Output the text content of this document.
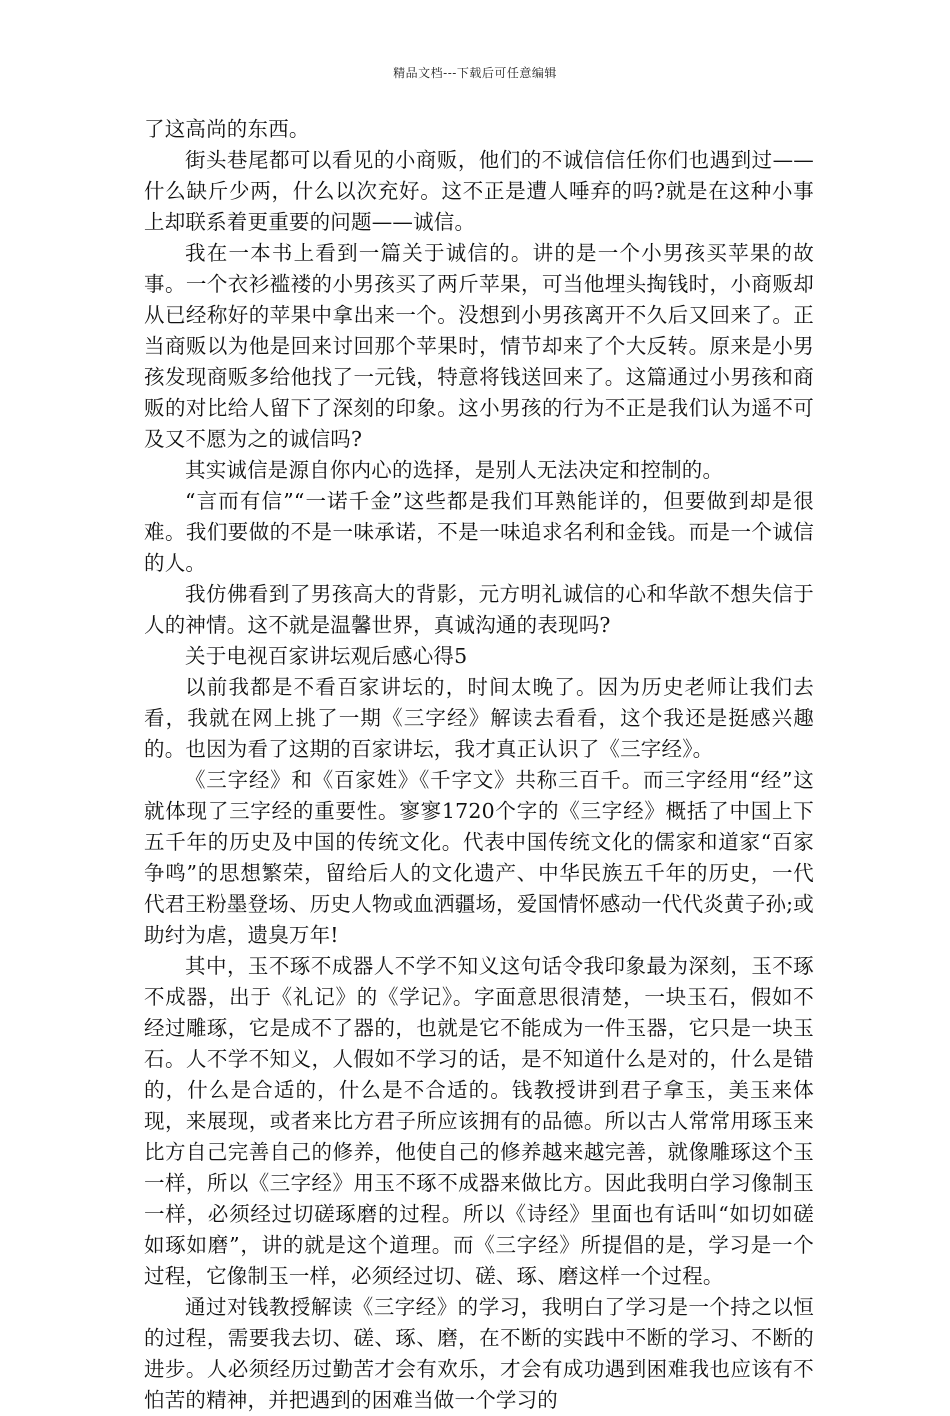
精品文档---下载后可任意编辑

了这高尚的东西。

街头巷尾都可以看见的小商贩，他们的不诚信信任你们也遇到过——什么缺斤少两，什么以次充好。这不正是遭人唾弃的吗?就是在这种小事上却联系着更重要的问题——诚信。

我在一本书上看到一篇关于诚信的。讲的是一个小男孩买苹果的故事。一个衣衫褴褛的小男孩买了两斤苹果，可当他埋头掏钱时，小商贩却从已经称好的苹果中拿出来一个。没想到小男孩离开不久后又回来了。正当商贩以为他是回来讨回那个苹果时，情节却来了个大反转。原来是小男孩发现商贩多给他找了一元钱，特意将钱送回来了。这篇通过小男孩和商贩的对比给人留下了深刻的印象。这小男孩的行为不正是我们认为遥不可及又不愿为之的诚信吗?

其实诚信是源自你内心的选择，是别人无法决定和控制的。

“言而有信”“一诺千金”这些都是我们耳熟能详的，但要做到却是很难。我们要做的不是一味承诺，不是一味追求名利和金钱。而是一个诚信的人。

我仿佛看到了男孩高大的背影，元方明礼诚信的心和华歆不想失信于人的神情。这不就是温馨世界，真诚沟通的表现吗?

关于电视百家讲坛观后感心得5

以前我都是不看百家讲坛的，时间太晚了。因为历史老师让我们去看，我就在网上挑了一期《三字经》解读去看看，这个我还是挺感兴趣的。也因为看了这期的百家讲坛，我才真正认识了《三字经》。

《三字经》和《百家姓》《千字文》共称三百千。而三字经用“经”这就体现了三字经的重要性。寥寥1720个字的《三字经》概括了中国上下五千年的历史及中国的传统文化。代表中国传统文化的儒家和道家“百家争鸣”的思想繁荣，留给后人的文化遗产、中华民族五千年的历史，一代代君王粉墨登场、历史人物或血洒疆场，爱国情怀感动一代代炎黄子孙;或助纣为虐，遗臭万年!

其中，玉不琢不成器人不学不知义这句话令我印象最为深刻，玉不琢不成器，出于《礼记》的《学记》。字面意思很清楚，一块玉石，假如不经过雕琢，它是成不了器的，也就是它不能成为一件玉器，它只是一块玉石。人不学不知义，人假如不学习的话，是不知道什么是对的，什么是错的，什么是合适的，什么是不合适的。钱教授讲到君子拿玉，美玉来体现，来展现，或者来比方君子所应该拥有的品德。所以古人常常用琢玉来比方自己完善自己的修养，他使自己的修养越来越完善，就像雕琢这个玉一样，所以《三字经》用玉不琢不成器来做比方。因此我明白学习像制玉一样，必须经过切磋琢磨的过程。所以《诗经》里面也有话叫“如切如磋如琢如磨”，讲的就是这个道理。而《三字经》所提倡的是，学习是一个过程，它像制玉一样，必须经过切、磋、琢、磨这样一个过程。

通过对钱教授解读《三字经》的学习，我明白了学习是一个持之以恒的过程，需要我去切、磋、琢、磨，在不断的实践中不断的学习、不断的进步。人必须经历过勤苦才会有欢乐，才会有成功遇到困难我也应该有不怕苦的精神，并把遇到的困难当做一个学习的
